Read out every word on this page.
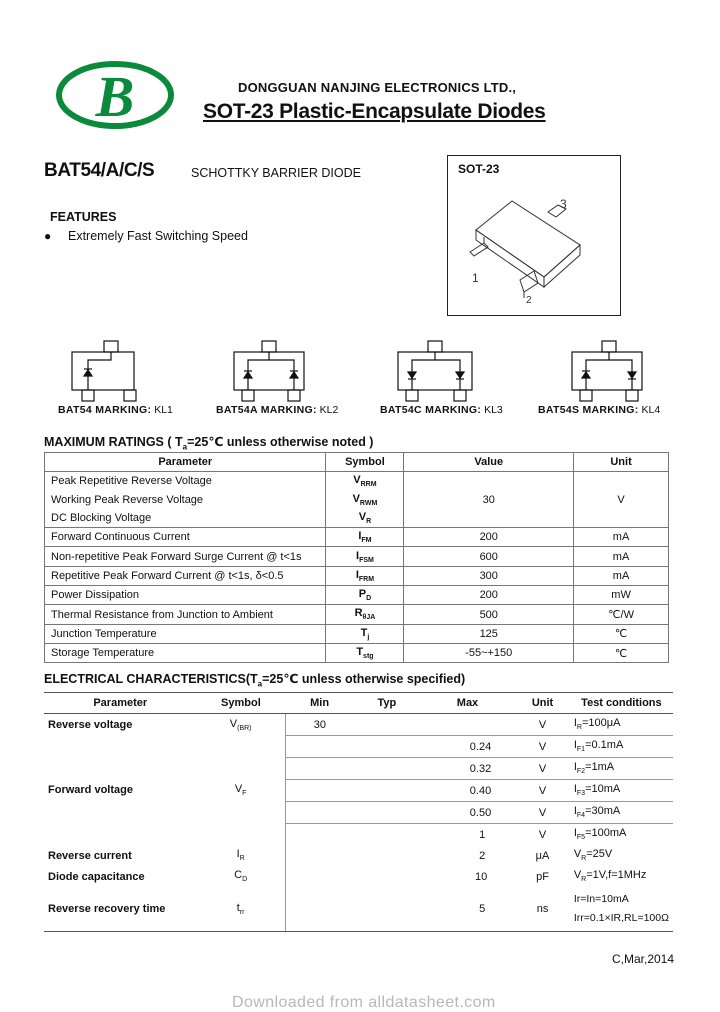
B	DONGGUAN NANJING ELECTRONICS LTD.,
SOT-23 Plastic-Encapsulate Diodes
BAT54/A/C/S	SCHOTTKY BARRIER DIODE
FEATURES
● Extremely Fast Switching Speed
SOT-23
3
1
2
BAT54 MARKING: KL1	BAT54A MARKING: KL2	BAT54C MARKING: KL3	BAT54S MARKING: KL4
MAXIMUM RATINGS ( $T_a=25℃$ unless otherwise noted )
Parameter	Symbol	Value	Unit
Peak Repetitive Reverse Voltage	$V_{RRM}$	30	V
Working Peak Reverse Voltage	$V_{RWM}$
DC Blocking Voltage	$V_R$
Forward Continuous Current	$I_{FM}$	200	mA
Non-repetitive Peak Forward Surge Current @ t<1s	$I_{FSM}$	600	mA
Repetitive Peak Forward Current @ t<1s, δ<0.5	$I_{FRM}$	300	mA
Power Dissipation	$P_D$	200	mW
Thermal Resistance from Junction to Ambient	$R_{\theta JA}$	500	℃/W
Junction Temperature	$T_j$	125	℃
Storage Temperature	$T_{stg}$	-55~+150	℃
ELECTRICAL $CHARACTERISTICS(T_a=25℃$ unless otherwise specified)
Parameter	Symbol	Min	Typ	Max	Unit	Test conditions
Reverse voltage	$V_{(BR)}$	30			V	$I_R=100\mu A$
Forward voltage	$V_F$			0.24	V	$I_{F1}=0.1mA$
				0.32	V	$I_{F2}=1mA$
				0.40	V	$I_{F3}=10mA$
				0.50	V	$I_{F4}=30mA$
				1	V	$I_{F5}=100mA$
Reverse current	$I_R$			2	μA	$V_R=25V$
Diode capacitance	$C_D$			10	pF	$V_R=1V,f=1MHz$
Reverse recovery time	$t_{rr}$			5	ns	Ir=In=10mA
Irr=0.1×IR,RL=100Ω
C,Mar,2014
Downloaded from alldatasheet.com
